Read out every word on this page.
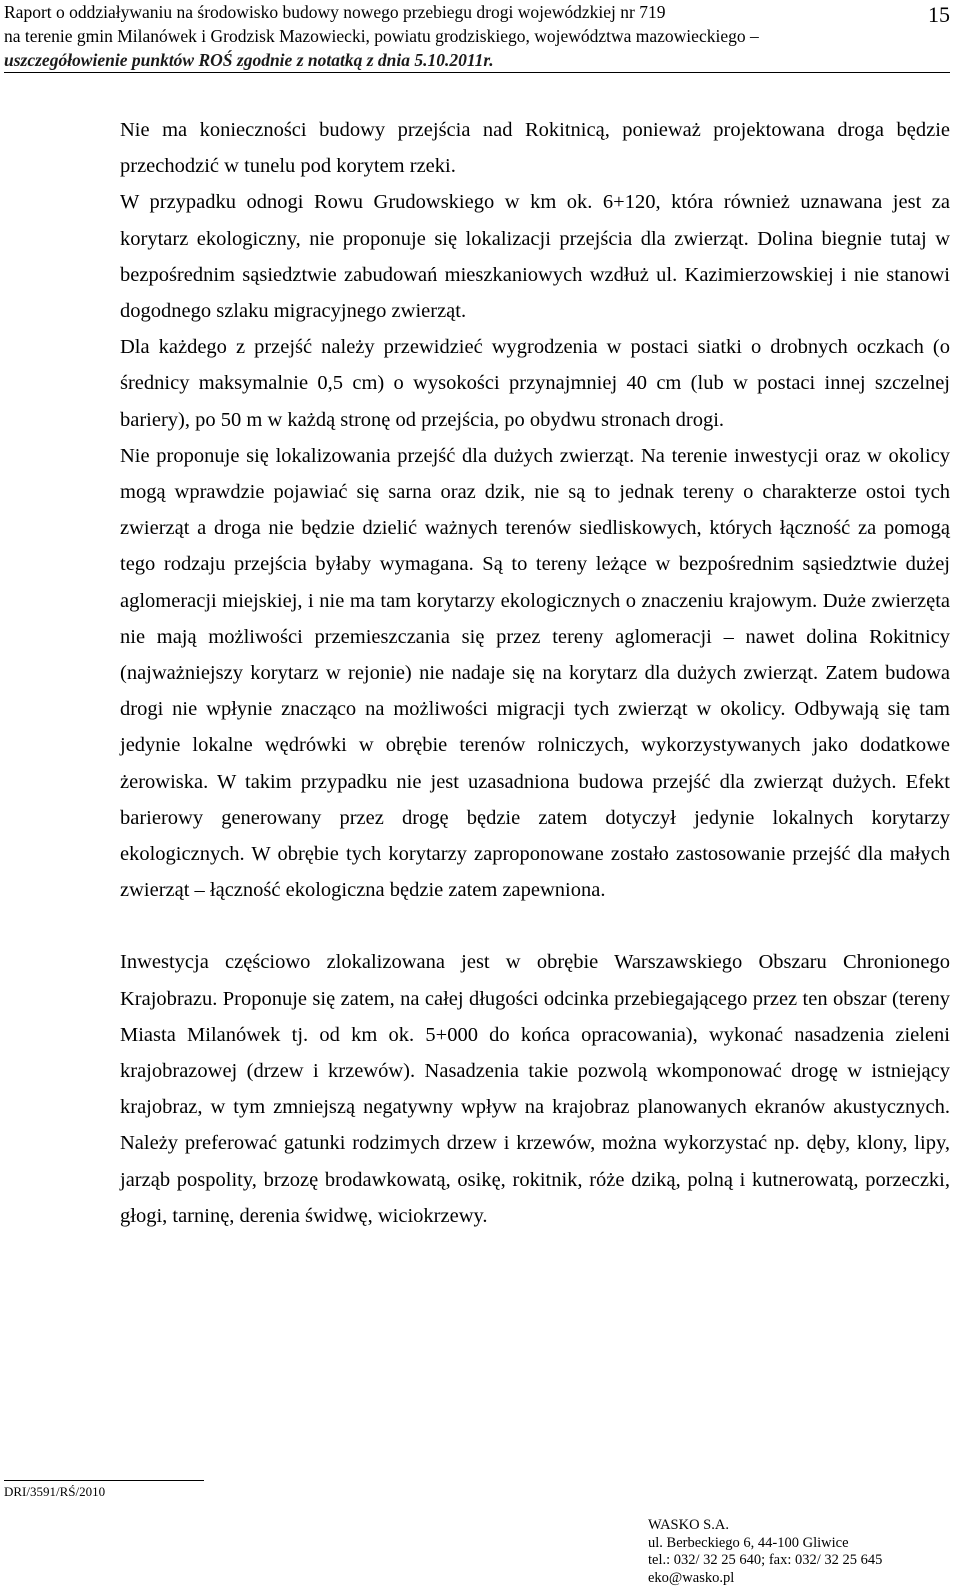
Raport o oddziaływaniu na środowisko budowy nowego przebiegu drogi wojewódzkiej nr 719
na terenie gmin Milanówek i Grodzisk Mazowiecki, powiatu grodziskiego, województwa mazowieckiego –
uszczegółowienie punktów ROŚ zgodnie z notatką z dnia 5.10.2011r.
15

Nie ma konieczności budowy przejścia nad Rokitnicą, ponieważ projektowana droga będzie przechodzić w tunelu pod korytem rzeki.

W przypadku odnogi Rowu Grudowskiego w km ok. 6+120, która również uznawana jest za korytarz ekologiczny, nie proponuje się lokalizacji przejścia dla zwierząt. Dolina biegnie tutaj w bezpośrednim sąsiedztwie zabudowań mieszkaniowych wzdłuż ul. Kazimierzowskiej i nie stanowi dogodnego szlaku migracyjnego zwierząt.

Dla każdego z przejść należy przewidzieć wygrodzenia w postaci siatki o drobnych oczkach (o średnicy maksymalnie 0,5 cm) o wysokości przynajmniej 40 cm (lub w postaci innej szczelnej bariery), po 50 m w każdą stronę od przejścia, po obydwu stronach drogi.

Nie proponuje się lokalizowania przejść dla dużych zwierząt. Na terenie inwestycji oraz w okolicy mogą wprawdzie pojawiać się sarna oraz dzik, nie są to jednak tereny o charakterze ostoi tych zwierząt a droga nie będzie dzielić ważnych terenów siedliskowych, których łączność za pomogą tego rodzaju przejścia byłaby wymagana. Są to tereny leżące w bezpośrednim sąsiedztwie dużej aglomeracji miejskiej, i nie ma tam korytarzy ekologicznych o znaczeniu krajowym. Duże zwierzęta nie mają możliwości przemieszczania się przez tereny aglomeracji – nawet dolina Rokitnicy (najważniejszy korytarz w rejonie) nie nadaje się na korytarz dla dużych zwierząt. Zatem budowa drogi nie wpłynie znacząco na możliwości migracji tych zwierząt w okolicy. Odbywają się tam jedynie lokalne wędrówki w obrębie terenów rolniczych, wykorzystywanych jako dodatkowe żerowiska. W takim przypadku nie jest uzasadniona budowa przejść dla zwierząt dużych. Efekt barierowy generowany przez drogę będzie zatem dotyczył jedynie lokalnych korytarzy ekologicznych. W obrębie tych korytarzy zaproponowane zostało zastosowanie przejść dla małych zwierząt – łączność ekologiczna będzie zatem zapewniona.

Inwestycja częściowo zlokalizowana jest w obrębie Warszawskiego Obszaru Chronionego Krajobrazu. Proponuje się zatem, na całej długości odcinka przebiegającego przez ten obszar (tereny Miasta Milanówek tj. od km ok. 5+000 do końca opracowania), wykonać nasadzenia zieleni krajobrazowej (drzew i krzewów). Nasadzenia takie pozwolą wkomponować drogę w istniejący krajobraz, w tym zmniejszą negatywny wpływ na krajobraz planowanych ekranów akustycznych. Należy preferować gatunki rodzimych drzew i krzewów, można wykorzystać np. dęby, klony, lipy, jarząb pospolity, brzozę brodawkowatą, osikę, rokitnik, róże dziką, polną i kutnerowatą, porzeczki, głogi, tarninę, derenia świdwę, wiciokrzewy.

DRI/3591/RŚ/2010
WASKO S.A.
ul. Berbeckiego 6, 44-100 Gliwice
tel.: 032/ 32 25 640; fax: 032/ 32 25 645
eko@wasko.pl
